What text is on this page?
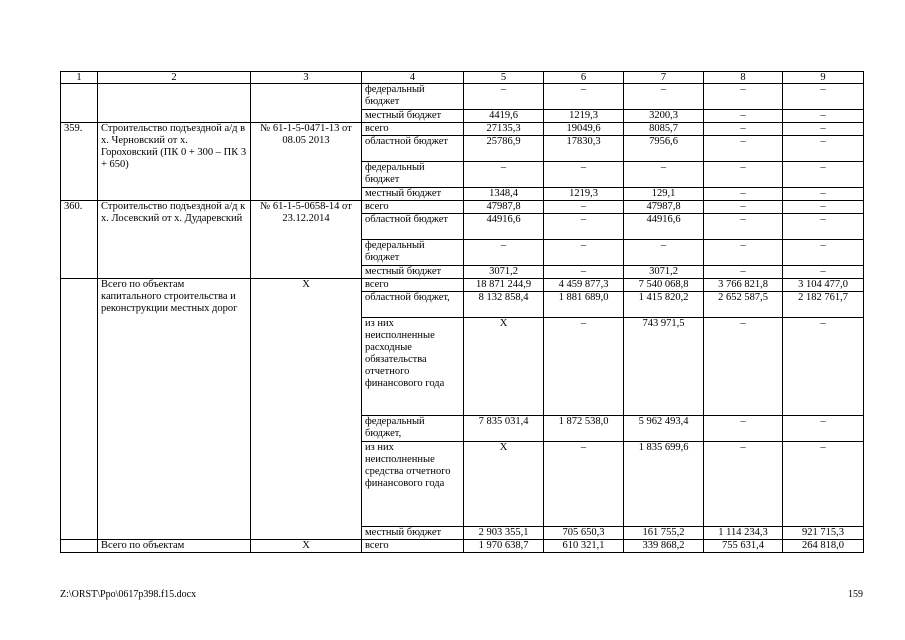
1	2	3	4	5	6	7	8	9
			федеральный бюджет	–	–	–	–	–
			местный бюджет	4419,6	1219,3	3200,3	–	–
359.	Строительство подъездной а/д в х. Черновский от х. Гороховский (ПК 0 + 300 – ПК 3 + 650)	№ 61-1-5-0471-13 от 08.05 2013	всего	27135,3	19049,6	8085,7	–	–
			областной бюджет	25786,9	17830,3	7956,6	–	–
			федеральный бюджет	–	–	–	–	–
			местный бюджет	1348,4	1219,3	129,1	–	–
360.	Строительство подъездной а/д к х. Лосевский от х. Дударевский	№ 61-1-5-0658-14 от 23.12.2014	всего	47987,8	–	47987,8	–	–
			областной бюджет	44916,6	–	44916,6	–	–
			федеральный бюджет	–	–	–	–	–
			местный бюджет	3071,2	–	3071,2	–	–
	Всего по объектам капитального строительства и реконструкции местных дорог	X	всего	18 871 244,9	4 459 877,3	7 540 068,8	3 766 821,8	3 104 477,0
			областной бюджет,	8 132 858,4	1 881 689,0	1 415 820,2	2 652 587,5	2 182 761,7
			из них неисполненные расходные обязательства отчетного финансового года	X	–	743 971,5	–	–
			федеральный бюджет,	7 835 031,4	1 872 538,0	5 962 493,4	–	–
			из них неисполненные средства отчетного финансового года	X	–	1 835 699,6	–	–
			местный бюджет	2 903 355,1	705 650,3	161 755,2	1 114 234,3	921 715,3
	Всего по объектам	X	всего	1 970 638,7	610 321,1	339 868,2	755 631,4	264 818,0
Z:\ORST\Ppo\0617p398.f15.docx	159
